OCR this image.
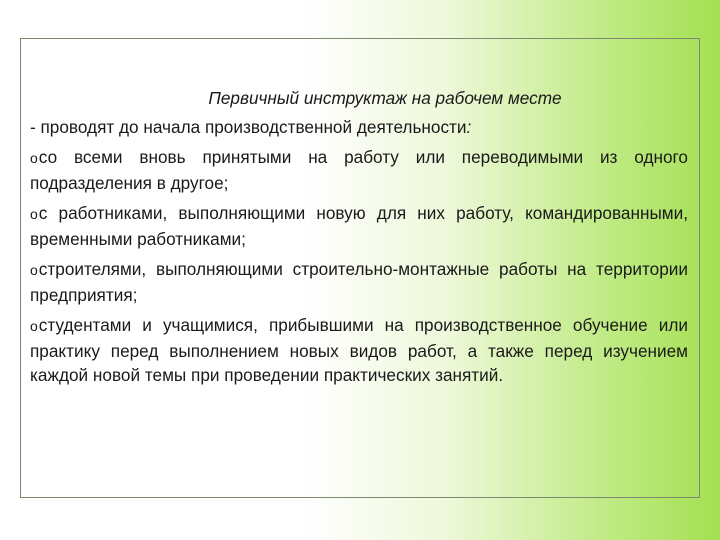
Первичный инструктаж на рабочем месте

- проводят до начала производственной деятельности:

oсо всеми вновь принятыми на работу или переводимыми из одного подразделения в другое;

oс работниками, выполняющими новую для них работу, командированными, временными работниками;

oстроителями, выполняющими строительно-монтажные работы на территории предприятия;

oстудентами и учащимися, прибывшими на производственное обучение или практику перед выполнением новых видов работ, а также перед изучением каждой новой темы при проведении практических занятий.
